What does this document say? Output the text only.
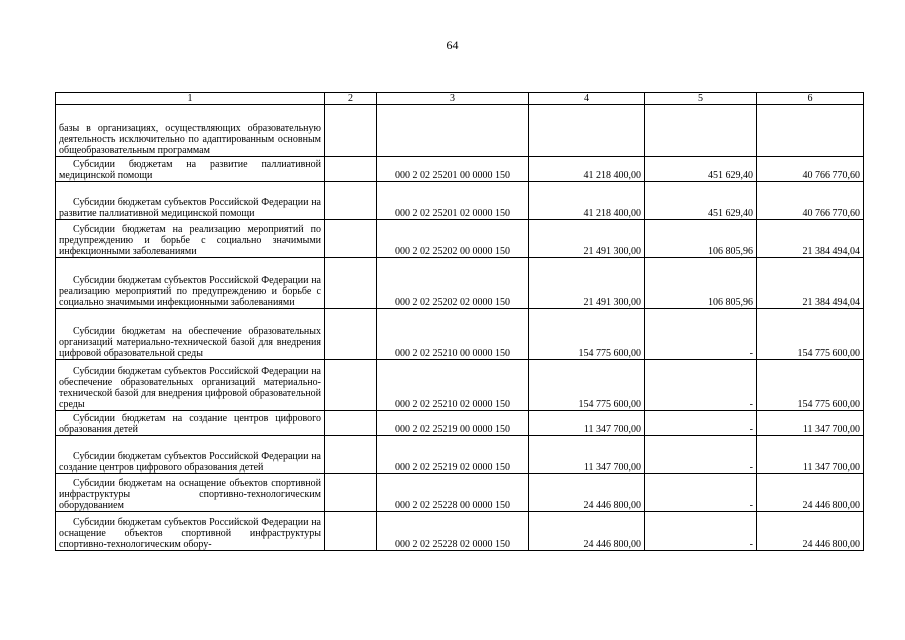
64
1	2	3	4	5	6

базы в организациях, осуществляющих образовательную деятельность исключительно по адаптированным основным общеобразовательным программам					

Субсидии бюджетам на развитие паллиативной медицинской помощи		000 2 02 25201 00 0000 150	41 218 400,00	451 629,40	40 766 770,60

Субсидии бюджетам субъектов Российской Федерации на развитие паллиативной медицинской помощи		000 2 02 25201 02 0000 150	41 218 400,00	451 629,40	40 766 770,60

Субсидии бюджетам на реализацию мероприятий по предупреждению и борьбе с социально значимыми инфекционными заболеваниями		000 2 02 25202 00 0000 150	21 491 300,00	106 805,96	21 384 494,04

Субсидии бюджетам субъектов Российской Федерации на реализацию мероприятий по предупреждению и борьбе с социально значимыми инфекционными заболеваниями		000 2 02 25202 02 0000 150	21 491 300,00	106 805,96	21 384 494,04

Субсидии бюджетам на обеспечение образовательных организаций материально-технической базой для внедрения цифровой образовательной среды		000 2 02 25210 00 0000 150	154 775 600,00	-	154 775 600,00

Субсидии бюджетам субъектов Российской Федерации на обеспечение образовательных организаций материально-технической базой для внедрения цифровой образовательной среды		000 2 02 25210 02 0000 150	154 775 600,00	-	154 775 600,00

Субсидии бюджетам на создание центров цифрового образования детей		000 2 02 25219 00 0000 150	11 347 700,00	-	11 347 700,00

Субсидии бюджетам субъектов Российской Федерации на создание центров цифрового образования детей		000 2 02 25219 02 0000 150	11 347 700,00	-	11 347 700,00

Субсидии бюджетам на оснащение объектов спортивной инфраструктуры спортивно-технологическим оборудованием		000 2 02 25228 00 0000 150	24 446 800,00	-	24 446 800,00

Субсидии бюджетам субъектов Российской Федерации на оснащение объектов спортивной инфраструктуры спортивно-технологическим обору-		000 2 02 25228 02 0000 150	24 446 800,00	-	24 446 800,00
